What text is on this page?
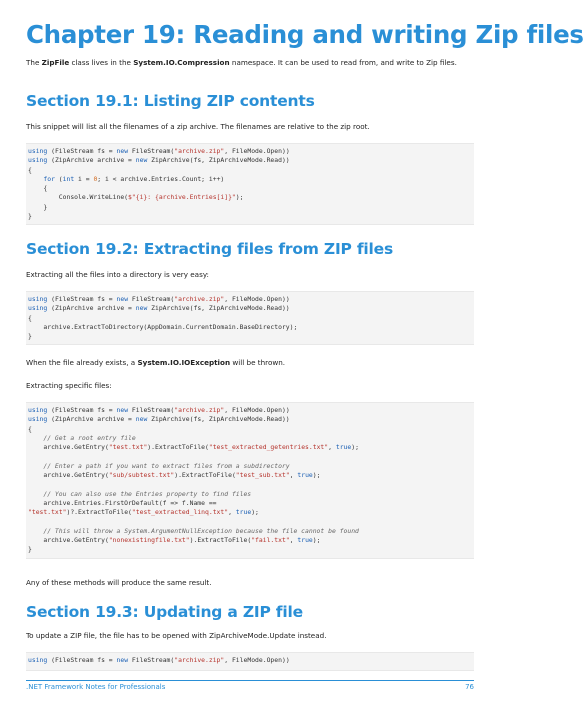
Chapter 19: Reading and writing Zip files
The ZipFile class lives in the System.IO.Compression namespace. It can be used to read from, and write to Zip files.
Section 19.1: Listing ZIP contents
This snippet will list all the filenames of a zip archive. The filenames are relative to the zip root.
using (FileStream fs = new FileStream("archive.zip", FileMode.Open))
using (ZipArchive archive = new ZipArchive(fs, ZipArchiveMode.Read))
{
for (int i = 0; i < archive.Entries.Count; i++)
{
Console.WriteLine($"{i}: {archive.Entries[i]}");
}
}
Section 19.2: Extracting files from ZIP files
Extracting all the files into a directory is very easy:
using (FileStream fs = new FileStream("archive.zip", FileMode.Open))
using (ZipArchive archive = new ZipArchive(fs, ZipArchiveMode.Read))
{
archive.ExtractToDirectory(AppDomain.CurrentDomain.BaseDirectory);
}
When the file already exists, a System.IO.IOException will be thrown.
Extracting specific files:
using (FileStream fs = new FileStream("archive.zip", FileMode.Open))
using (ZipArchive archive = new ZipArchive(fs, ZipArchiveMode.Read))
{
// Get a root entry file
archive.GetEntry("test.txt").ExtractToFile("test_extracted_getentries.txt", true);

// Enter a path if you want to extract files from a subdirectory
archive.GetEntry("sub/subtest.txt").ExtractToFile("test_sub.txt", true);

// You can also use the Entries property to find files
archive.Entries.FirstOrDefault(f => f.Name ==
"test.txt")?.ExtractToFile("test_extracted_linq.txt", true);

// This will throw a System.ArgumentNullException because the file cannot be found
archive.GetEntry("nonexistingfile.txt").ExtractToFile("fail.txt", true);
}
Any of these methods will produce the same result.
Section 19.3: Updating a ZIP file
To update a ZIP file, the file has to be opened with ZipArchiveMode.Update instead.
using (FileStream fs = new FileStream("archive.zip", FileMode.Open))
.NET Framework Notes for Professionals	76
